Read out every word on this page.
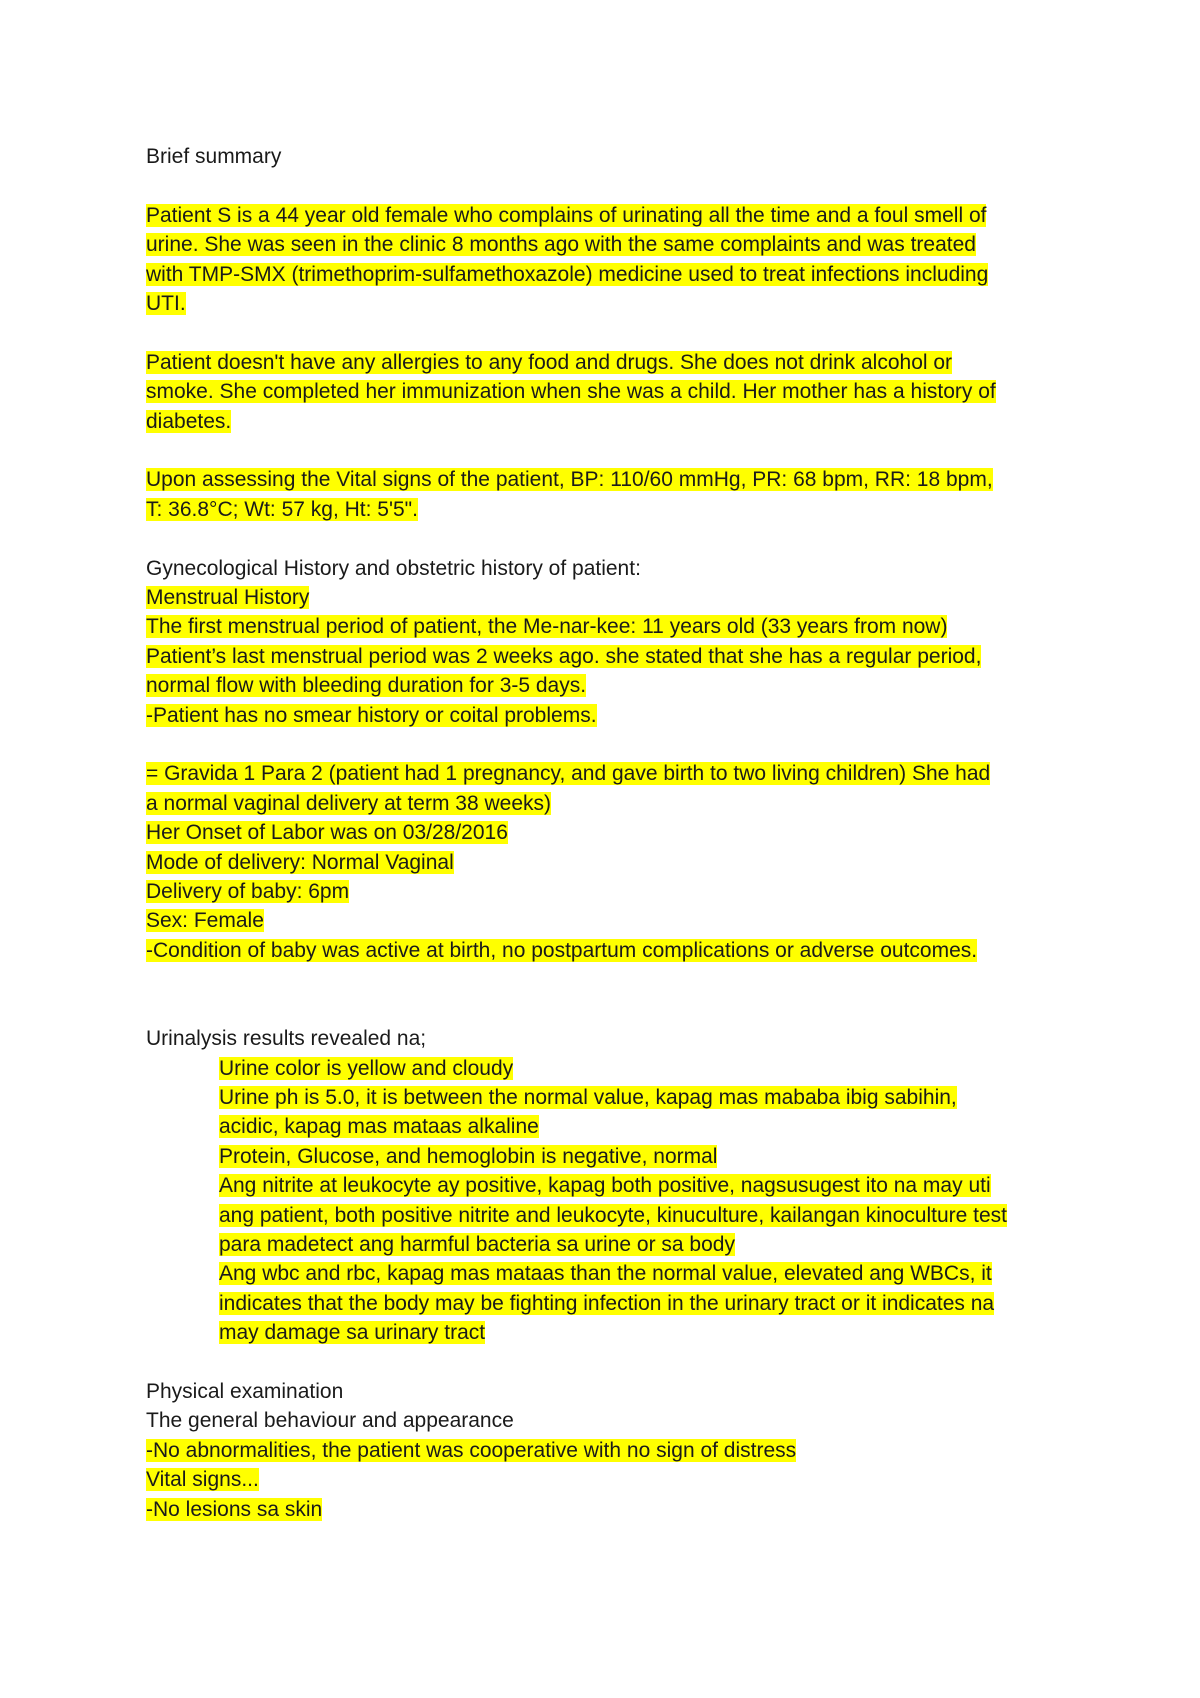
Brief summary
Patient S is a 44 year old female who complains of urinating all the time and a foul smell of
urine. She was seen in the clinic 8 months ago with the same complaints and was treated
with TMP-SMX (trimethoprim-sulfamethoxazole) medicine used to treat infections including
UTI.
Patient doesn't have any allergies to any food and drugs. She does not drink alcohol or
smoke. She completed her immunization when she was a child. Her mother has a history of
diabetes.
Upon assessing the Vital signs of the patient, BP: 110/60 mmHg, PR: 68 bpm, RR: 18 bpm,
T: 36.8°C; Wt: 57 kg, Ht: 5'5".
Gynecological History and obstetric history of patient:
Menstrual History
The first menstrual period of patient, the Me-nar-kee: 11 years old (33 years from now)
Patient’s last menstrual period was 2 weeks ago. she stated that she has a regular period,
normal flow with bleeding duration for 3-5 days.
-Patient has no smear history or coital problems.
= Gravida 1 Para 2 (patient had 1 pregnancy, and gave birth to two living children) She had
a normal vaginal delivery at term 38 weeks)
Her Onset of Labor was on 03/28/2016
Mode of delivery: Normal Vaginal
Delivery of baby: 6pm
Sex: Female
-Condition of baby was active at birth, no postpartum complications or adverse outcomes.
Urinalysis results revealed na;
Urine color is yellow and cloudy
Urine ph is 5.0, it is between the normal value, kapag mas mababa ibig sabihin,
acidic, kapag mas mataas alkaline
Protein, Glucose, and hemoglobin is negative, normal
Ang nitrite at leukocyte ay positive, kapag both positive, nagsusugest ito na may uti
ang patient, both positive nitrite and leukocyte, kinuculture, kailangan kinoculture test
para madetect ang harmful bacteria sa urine or sa body
Ang wbc and rbc, kapag mas mataas than the normal value, elevated ang WBCs, it
indicates that the body may be fighting infection in the urinary tract or it indicates na
may damage sa urinary tract
Physical examination
The general behaviour and appearance
-No abnormalities, the patient was cooperative with no sign of distress
Vital signs...
-No lesions sa skin
